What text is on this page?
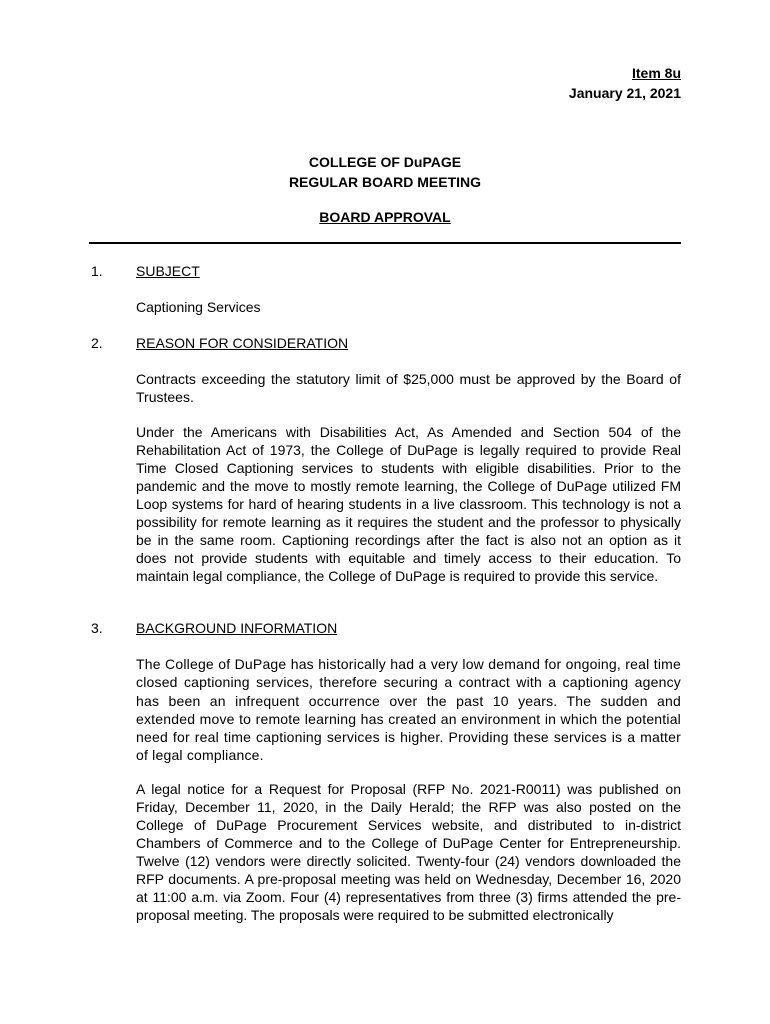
Item 8u
January 21, 2021
COLLEGE OF DuPAGE
REGULAR BOARD MEETING
BOARD APPROVAL
1. SUBJECT

Captioning Services

2. REASON FOR CONSIDERATION

Contracts exceeding the statutory limit of $25,000 must be approved by the Board of Trustees.

Under the Americans with Disabilities Act, As Amended and Section 504 of the Rehabilitation Act of 1973, the College of DuPage is legally required to provide Real Time Closed Captioning services to students with eligible disabilities. Prior to the pandemic and the move to mostly remote learning, the College of DuPage utilized FM Loop systems for hard of hearing students in a live classroom. This technology is not a possibility for remote learning as it requires the student and the professor to physically be in the same room. Captioning recordings after the fact is also not an option as it does not provide students with equitable and timely access to their education. To maintain legal compliance, the College of DuPage is required to provide this service.

3. BACKGROUND INFORMATION

The College of DuPage has historically had a very low demand for ongoing, real time closed captioning services, therefore securing a contract with a captioning agency has been an infrequent occurrence over the past 10 years. The sudden and extended move to remote learning has created an environment in which the potential need for real time captioning services is higher. Providing these services is a matter of legal compliance.

A legal notice for a Request for Proposal (RFP No. 2021-R0011) was published on Friday, December 11, 2020, in the Daily Herald; the RFP was also posted on the College of DuPage Procurement Services website, and distributed to in-district Chambers of Commerce and to the College of DuPage Center for Entrepreneurship. Twelve (12) vendors were directly solicited. Twenty-four (24) vendors downloaded the RFP documents. A pre-proposal meeting was held on Wednesday, December 16, 2020 at 11:00 a.m. via Zoom. Four (4) representatives from three (3) firms attended the pre-proposal meeting. The proposals were required to be submitted electronically
